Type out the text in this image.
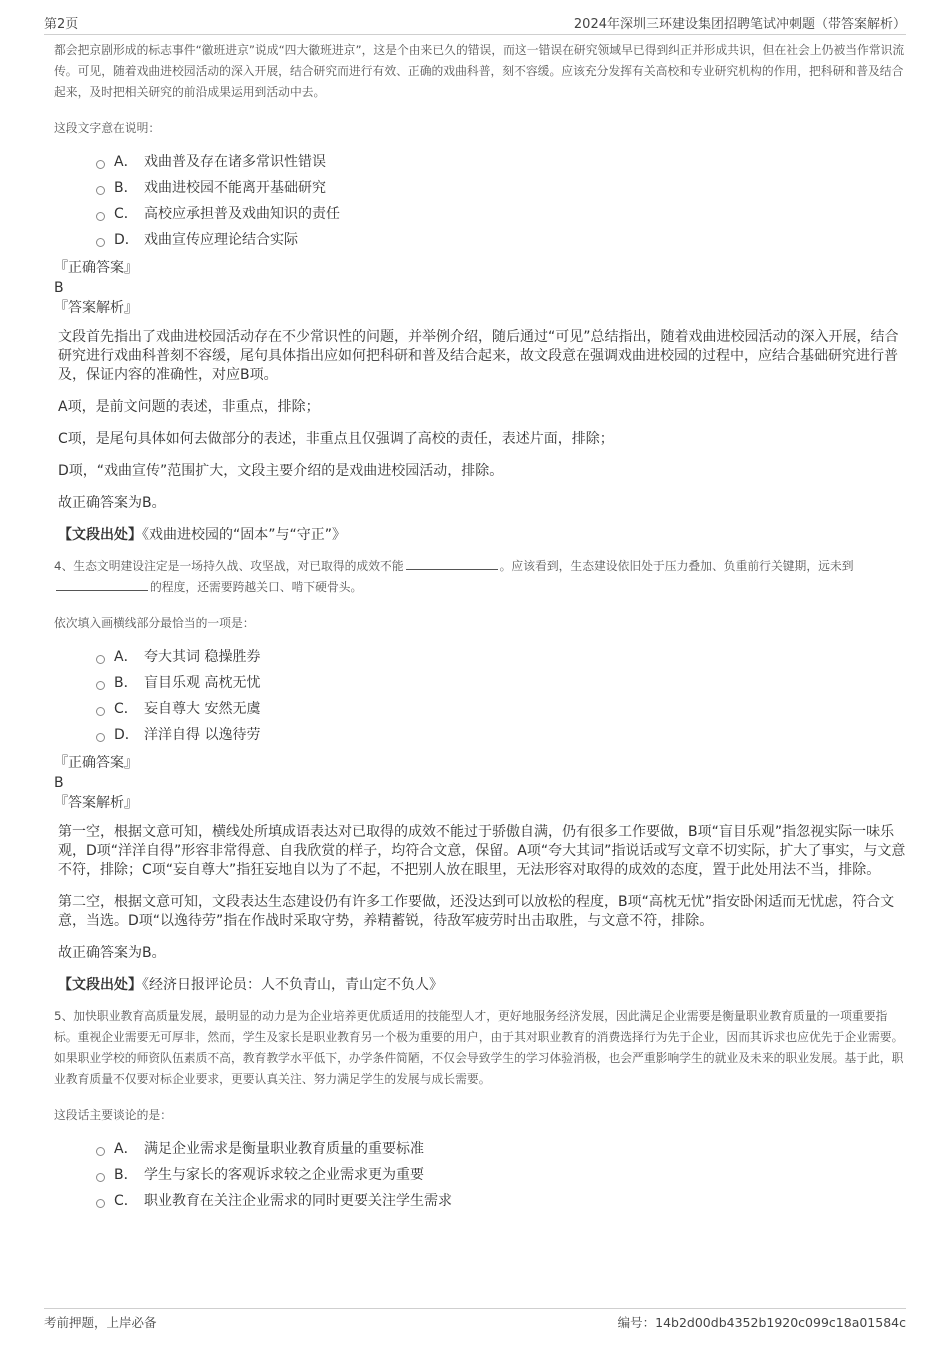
第2页	2024年深圳三环建设集团招聘笔试冲刺题（带答案解析）

都会把京剧形成的标志事件“徽班进京”说成“四大徽班进京”，这是个由来已久的错误，而这一错误在研究领域早已得到纠正并形成共识，但在社会上仍被当作常识流传。可见，随着戏曲进校园活动的深入开展，结合研究而进行有效、正确的戏曲科普，刻不容缓。应该充分发挥有关高校和专业研究机构的作用，把科研和普及结合起来，及时把相关研究的前沿成果运用到活动中去。

这段文字意在说明：

A． 戏曲普及存在诸多常识性错误
B． 戏曲进校园不能离开基础研究
C． 高校应承担普及戏曲知识的责任
D． 戏曲宣传应理论结合实际

『正确答案』

B

『答案解析』

文段首先指出了戏曲进校园活动存在不少常识性的问题，并举例介绍，随后通过“可见”总结指出，随着戏曲进校园活动的深入开展，结合研究进行戏曲科普刻不容缓，尾句具体指出应如何把科研和普及结合起来，故文段意在强调戏曲进校园的过程中，应结合基础研究进行普及，保证内容的准确性，对应B项。

A项，是前文问题的表述，非重点，排除；

C项，是尾句具体如何去做部分的表述，非重点且仅强调了高校的责任，表述片面，排除；

D项，“戏曲宣传”范围扩大，文段主要介绍的是戏曲进校园活动，排除。

故正确答案为B。

【文段出处】《戏曲进校园的“固本”与“守正”》

4、生态文明建设注定是一场持久战、攻坚战，对已取得的成效不能	。应该看到，生态建设依旧处于压力叠加、负重前行关键期，远未到的程度，还需要跨越关口、啃下硬骨头。

依次填入画横线部分最恰当的一项是：

A． 夸大其词 稳操胜券
B． 盲目乐观 高枕无忧
C． 妄自尊大 安然无虞
D． 洋洋自得 以逸待劳

『正确答案』

B

『答案解析』

第一空，根据文意可知，横线处所填成语表达对已取得的成效不能过于骄傲自满，仍有很多工作要做，B项“盲目乐观”指忽视实际一味乐观，D项“洋洋自得”形容非常得意、自我欣赏的样子，均符合文意，保留。A项“夸大其词”指说话或写文章不切实际，扩大了事实，与文意不符，排除；C项“妄自尊大”指狂妄地自以为了不起，不把别人放在眼里，无法形容对取得的成效的态度，置于此处用法不当，排除。

第二空，根据文意可知，文段表达生态建设仍有许多工作要做，还没达到可以放松的程度，B项“高枕无忧”指安卧闲适而无忧虑，符合文意，当选。D项“以逸待劳”指在作战时采取守势，养精蓄锐，待敌军疲劳时出击取胜，与文意不符，排除。

故正确答案为B。

【文段出处】《经济日报评论员：人不负青山，青山定不负人》

5、加快职业教育高质量发展，最明显的动力是为企业培养更优质适用的技能型人才，更好地服务经济发展，因此满足企业需要是衡量职业教育质量的一项重要指标。重视企业需要无可厚非，然而，学生及家长是职业教育另一个极为重要的用户，由于其对职业教育的消费选择行为先于企业，因而其诉求也应优先于企业需要。如果职业学校的师资队伍素质不高，教育教学水平低下，办学条件简陋，不仅会导致学生的学习体验消极，也会严重影响学生的就业及未来的职业发展。基于此，职业教育质量不仅要对标企业要求，更要认真关注、努力满足学生的发展与成长需要。

这段话主要谈论的是：

A． 满足企业需求是衡量职业教育质量的重要标准
B． 学生与家长的客观诉求较之企业需求更为重要
C． 职业教育在关注企业需求的同时更要关注学生需求
考前押题，上岸必备	编号：14b2d00db4352b1920c099c18a01584c
